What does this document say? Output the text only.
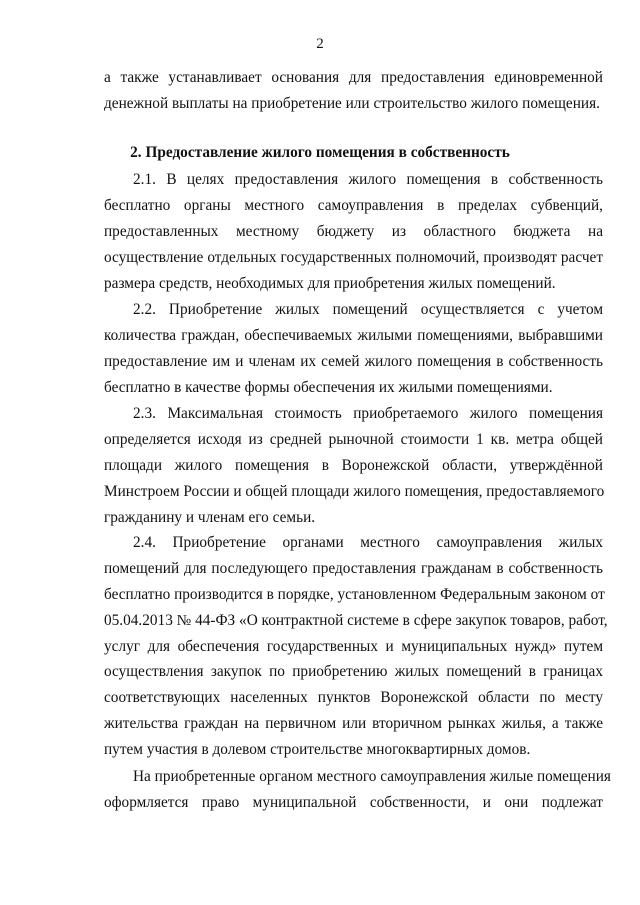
2
а также устанавливает основания для предоставления единовременной
денежной выплаты на приобретение или строительство жилого помещения.
2. Предоставление жилого помещения в собственность
2.1. В целях предоставления жилого помещения в собственность
бесплатно органы местного самоуправления в пределах субвенций,
предоставленных местному бюджету из областного бюджета на
осуществление отдельных государственных полномочий, производят расчет
размера средств, необходимых для приобретения жилых помещений.
2.2. Приобретение жилых помещений осуществляется с учетом
количества граждан, обеспечиваемых жилыми помещениями, выбравшими
предоставление им и членам их семей жилого помещения в собственность
бесплатно в качестве формы обеспечения их жилыми помещениями.
2.3. Максимальная стоимость приобретаемого жилого помещения
определяется исходя из средней рыночной стоимости 1 кв. метра общей
площади жилого помещения в Воронежской области, утверждённой
Минстроем России и общей площади жилого помещения, предоставляемого
гражданину и членам его семьи.
2.4. Приобретение органами местного самоуправления жилых
помещений для последующего предоставления гражданам в собственность
бесплатно производится в порядке, установленном Федеральным законом от
05.04.2013 № 44-ФЗ «О контрактной системе в сфере закупок товаров, работ,
услуг для обеспечения государственных и муниципальных нужд» путем
осуществления закупок по приобретению жилых помещений в границах
соответствующих населенных пунктов Воронежской области по месту
жительства граждан на первичном или вторичном рынках жилья, а также
путем участия в долевом строительстве многоквартирных домов.
На приобретенные органом местного самоуправления жилые помещения
оформляется право муниципальной собственности, и они подлежат
